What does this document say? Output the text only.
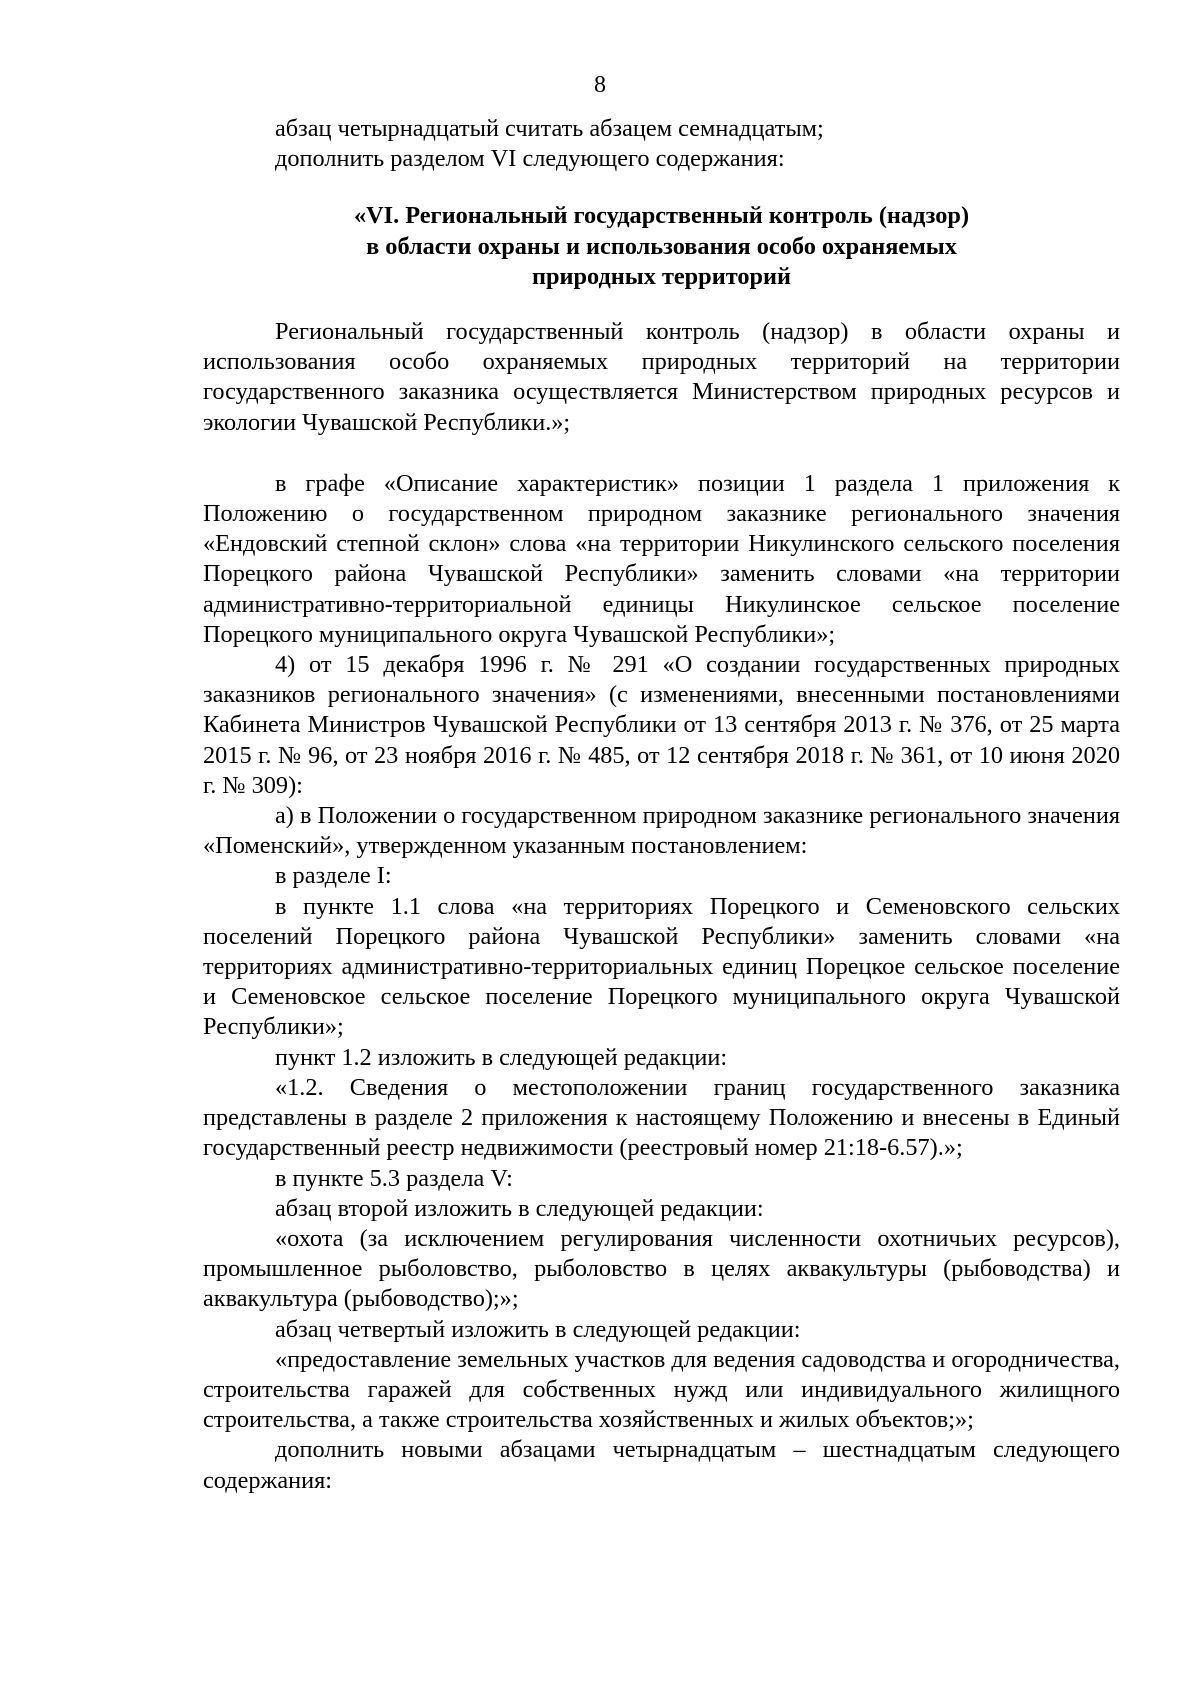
8

абзац четырнадцатый считать абзацем семнадцатым;

дополнить разделом VI следующего содержания:

«VI. Региональный государственный контроль (надзор)
в области охраны и использования особо охраняемых
природных территорий

Региональный государственный контроль (надзор) в области охраны и использования особо охраняемых природных территорий на территории государственного заказника осуществляется Министерством природных ресурсов и экологии Чувашской Республики.»;

в графе «Описание характеристик» позиции 1 раздела 1 приложения к Положению о государственном природном заказнике регионального значения «Ендовский степной склон» слова «на территории Никулинского сельского поселения Порецкого района Чувашской Республики» заменить словами «на территории административно-территориальной единицы Никулинское сельское поселение Порецкого муниципального округа Чувашской Республики»;

4) от 15 декабря 1996 г. № 291 «О создании государственных природных заказников регионального значения» (с изменениями, внесенными постановлениями Кабинета Министров Чувашской Республики от 13 сентября 2013 г. № 376, от 25 марта 2015 г. № 96, от 23 ноября 2016 г. № 485, от 12 сентября 2018 г. № 361, от 10 июня 2020 г. № 309):

а) в Положении о государственном природном заказнике регионального значения «Поменский», утвержденном указанным постановлением:

в разделе I:

в пункте 1.1 слова «на территориях Порецкого и Семеновского сельских поселений Порецкого района Чувашской Республики» заменить словами «на территориях административно-территориальных единиц Порецкое сельское поселение и Семеновское сельское поселение Порецкого муниципального округа Чувашской Республики»;

пункт 1.2 изложить в следующей редакции:

«1.2. Сведения о местоположении границ государственного заказника представлены в разделе 2 приложения к настоящему Положению и внесены в Единый государственный реестр недвижимости (реестровый номер 21:18-6.57).»;

в пункте 5.3 раздела V:

абзац второй изложить в следующей редакции:

«охота (за исключением регулирования численности охотничьих ресурсов), промышленное рыболовство, рыболовство в целях аквакультуры (рыбоводства) и аквакультура (рыбоводство);»;

абзац четвертый изложить в следующей редакции:

«предоставление земельных участков для ведения садоводства и огородничества, строительства гаражей для собственных нужд или индивидуального жилищного строительства, а также строительства хозяйственных и жилых объектов;»;

дополнить новыми абзацами четырнадцатым – шестнадцатым следующего содержания:
